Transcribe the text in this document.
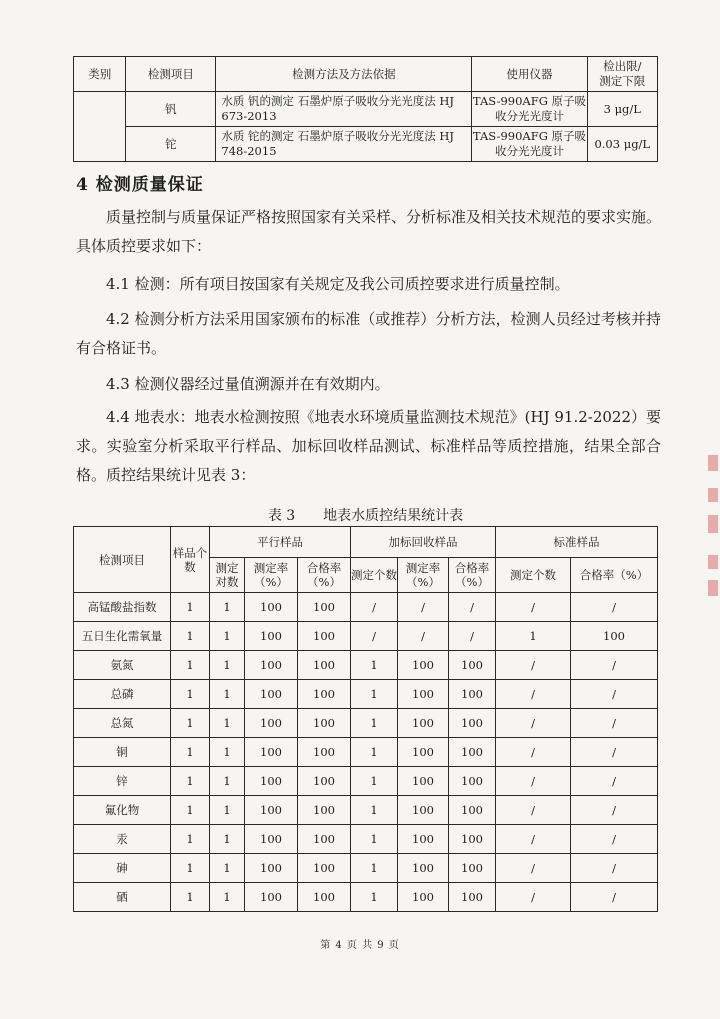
类别	检测项目	检测方法及方法依据	使用仪器	检出限/
测定下限
	钒	水质 钒的测定 石墨炉原子吸收分光光度法 HJ 673-2013	TAS-990AFG 原子吸收分光光度计	3 μg/L
	铊	水质 铊的测定 石墨炉原子吸收分光光度法 HJ 748-2015	TAS-990AFG 原子吸收分光光度计	0.03 μg/L
4 检测质量保证
质量控制与质量保证严格按照国家有关采样、分析标准及相关技术规范的要求实施。具体质控要求如下：
4.1 检测：所有项目按国家有关规定及我公司质控要求进行质量控制。
4.2 检测分析方法采用国家颁布的标准（或推荐）分析方法，检测人员经过考核并持有合格证书。
4.3 检测仪器经过量值溯源并在有效期内。
4.4 地表水：地表水检测按照《地表水环境质量监测技术规范》(HJ 91.2-2022）要求。实验室分析采取平行样品、加标回收样品测试、标准样品等质控措施，结果全部合格。质控结果统计见表 3：
表 3　　地表水质控结果统计表
检测项目	样品个数	平行样品			加标回收样品			标准样品	
		测定对数	测定率（%）	合格率（%）	测定个数	测定率（%）	合格率（%）	测定个数	合格率（%）
高锰酸盐指数	1	1	100	100	/	/	/	/	/
五日生化需氧量	1	1	100	100	/	/	/	1	100
氨氮	1	1	100	100	1	100	100	/	/
总磷	1	1	100	100	1	100	100	/	/
总氮	1	1	100	100	1	100	100	/	/
铜	1	1	100	100	1	100	100	/	/
锌	1	1	100	100	1	100	100	/	/
氟化物	1	1	100	100	1	100	100	/	/
汞	1	1	100	100	1	100	100	/	/
砷	1	1	100	100	1	100	100	/	/
硒	1	1	100	100	1	100	100	/	/
第 4 页 共 9 页
